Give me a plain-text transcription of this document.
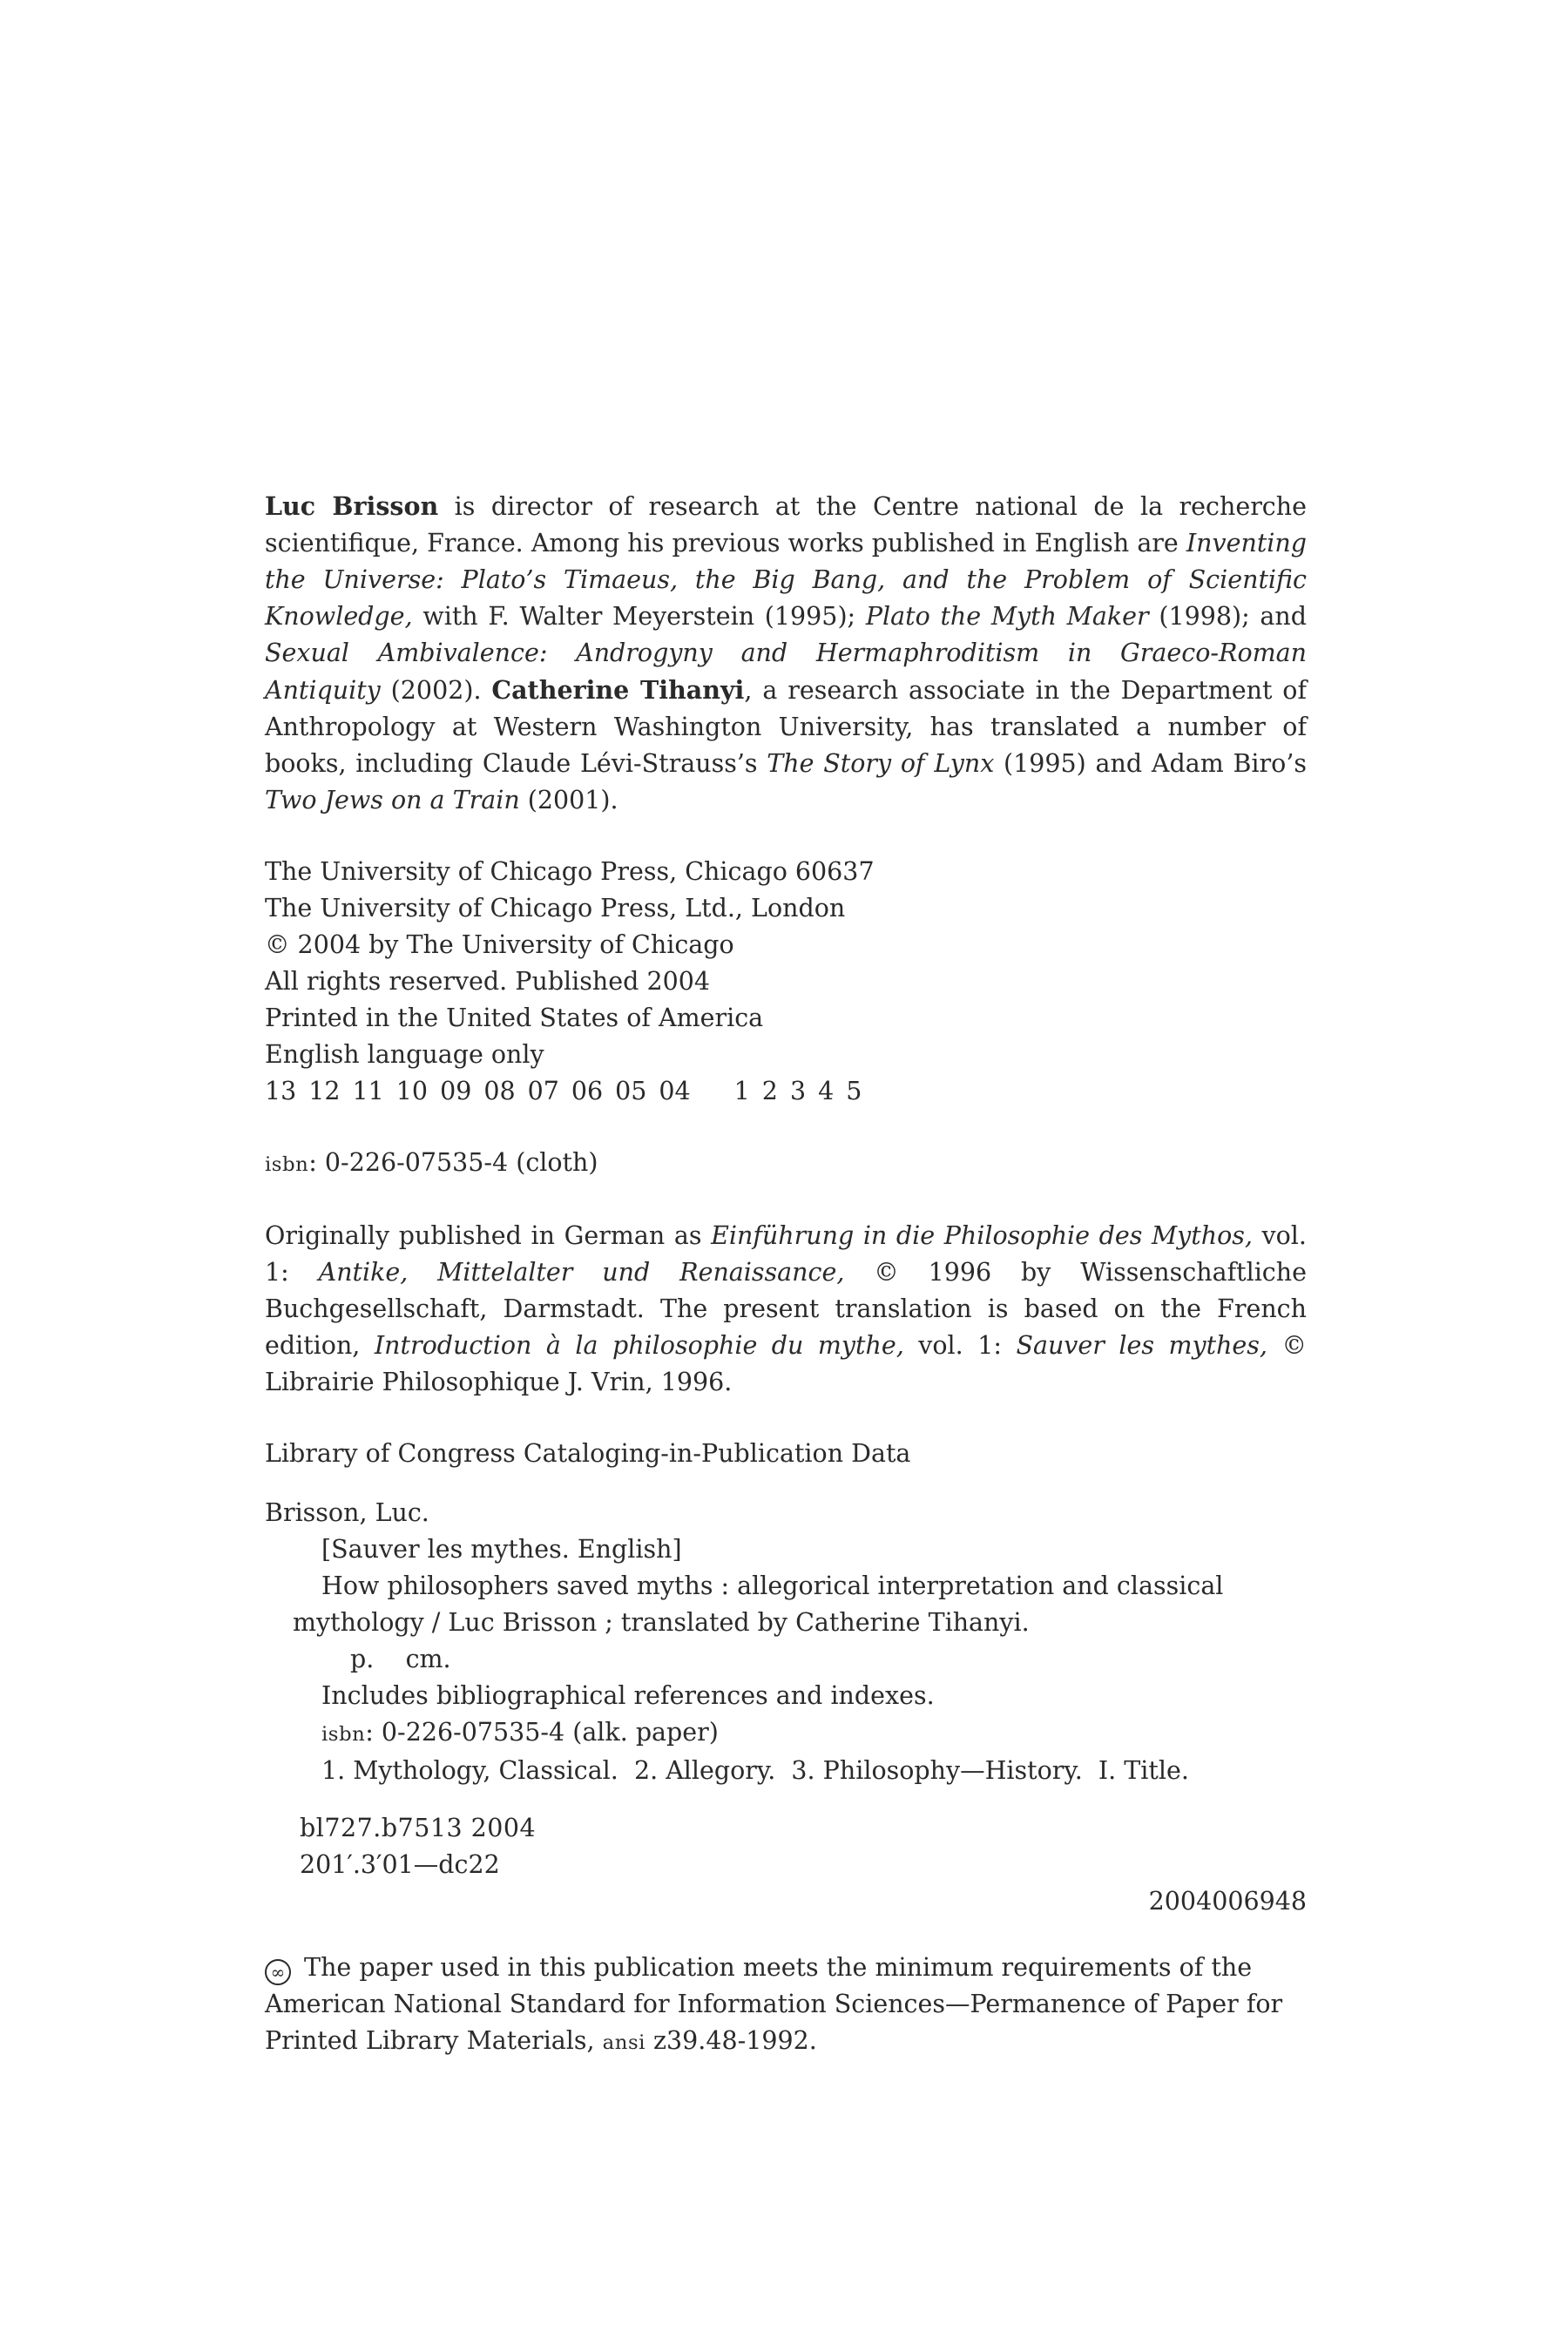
Luc Brisson is director of research at the Centre national de la recherche scientifique, France. Among his previous works published in English are Inventing the Universe: Plato’s Timaeus, the Big Bang, and the Problem of Scientific Knowledge, with F. Walter Meyerstein (1995); Plato the Myth Maker (1998); and Sexual Ambivalence: Androgyny and Hermaphroditism in Graeco-Roman Antiquity (2002). Catherine Tihanyi, a research associate in the Department of Anthropology at Western Washington University, has translated a number of books, including Claude Lévi-Strauss’s The Story of Lynx (1995) and Adam Biro’s Two Jews on a Train (2001).

The University of Chicago Press, Chicago 60637

The University of Chicago Press, Ltd., London

© 2004 by The University of Chicago

All rights reserved. Published 2004

Printed in the United States of America

English language only

13 12 11 10 09 08 07 06 05 04 1 2 3 4 5

isbn: 0-226-07535-4 (cloth)

Originally published in German as Einführung in die Philosophie des Mythos, vol. 1: Antike, Mittelalter und Renaissance, © 1996 by Wissenschaftliche Buchgesellschaft, Darmstadt. The present translation is based on the French edition, Introduction à la philosophie du mythe, vol. 1: Sauver les mythes, © Librairie Philosophique J. Vrin, 1996.

Library of Congress Cataloging-in-Publication Data

Brisson, Luc.

[Sauver les mythes. English]

How philosophers saved myths : allegorical interpretation and classical mythology / Luc Brisson ; translated by Catherine Tihanyi.

p. cm.

Includes bibliographical references and indexes.

isbn: 0-226-07535-4 (alk. paper)

1. Mythology, Classical.  2. Allegory.  3. Philosophy—History.  I. Title.

bl727.b7513 2004

201′.3′01—dc22

2004006948

∞ The paper used in this publication meets the minimum requirements of the American National Standard for Information Sciences—Permanence of Paper for Printed Library Materials, ansi z39.48-1992.
